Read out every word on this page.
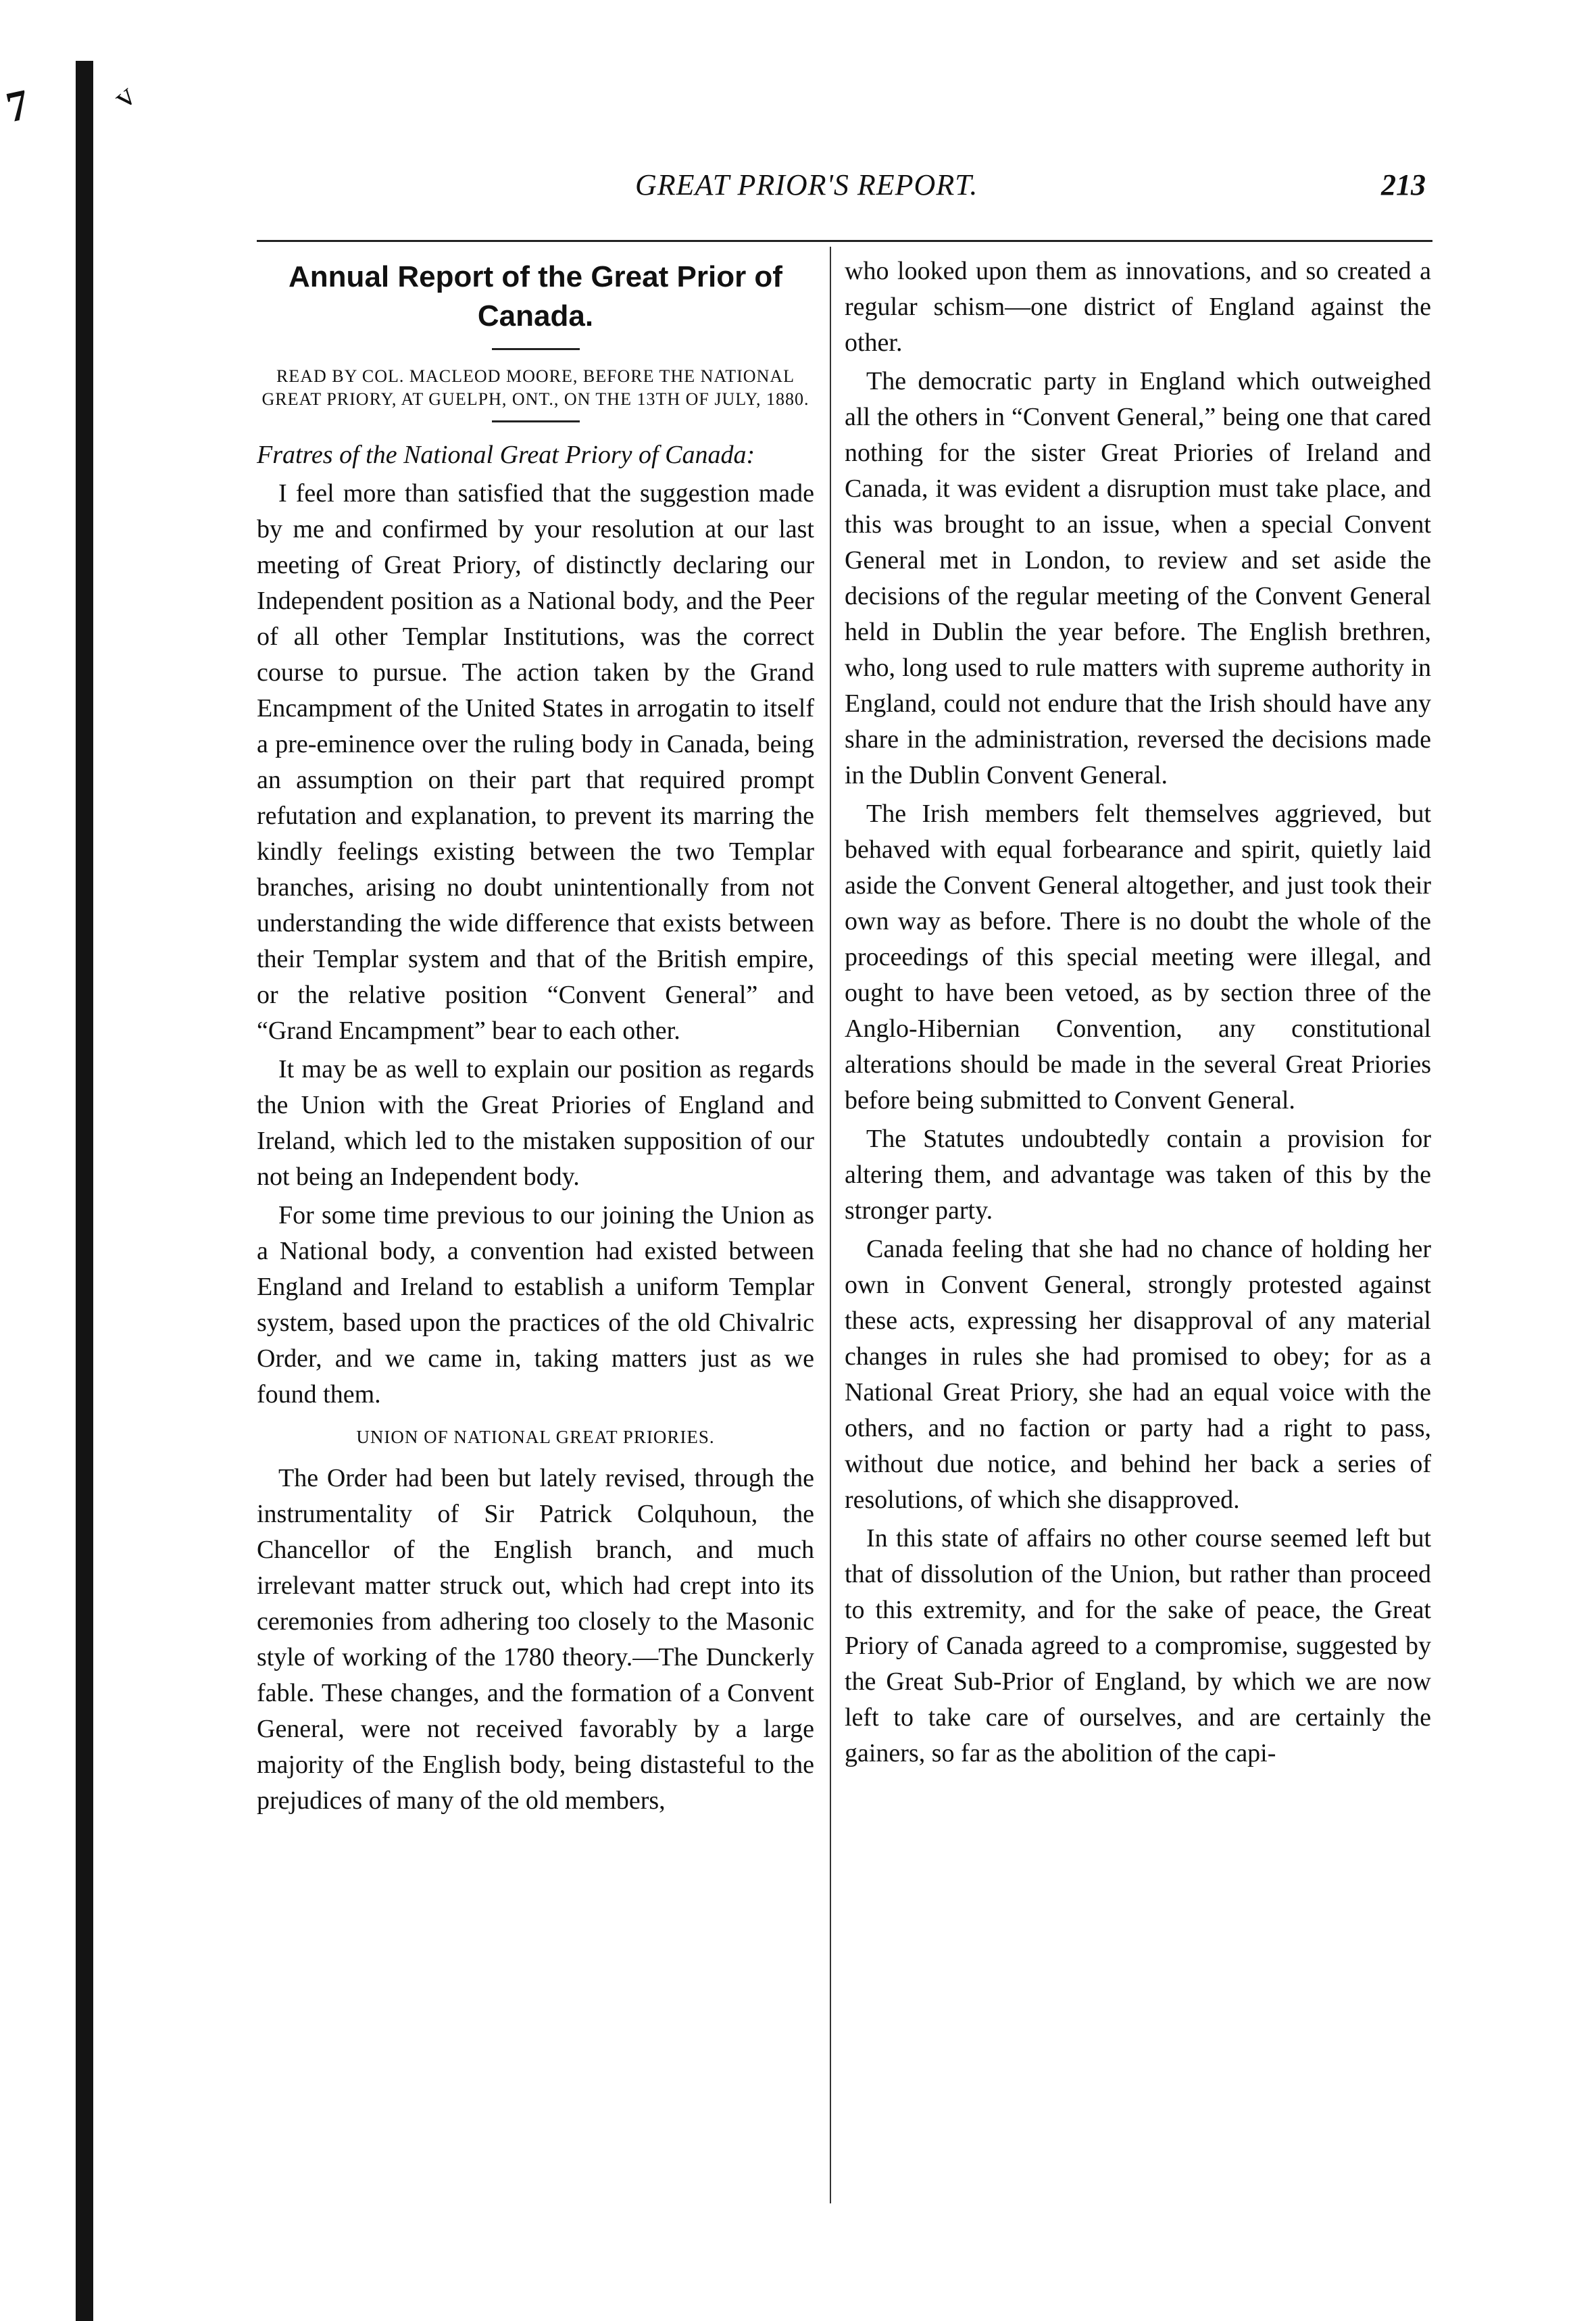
7 v
GREAT PRIOR'S REPORT.	213
Annual Report of the Great Prior of Canada.
READ BY COL. MACLEOD MOORE, BEFORE THE NATIONAL GREAT PRIORY, AT GUELPH, ONT., ON THE 13TH OF JULY, 1880.

Fratres of the National Great Priory of Canada:

I feel more than satisfied that the suggestion made by me and confirmed by your resolution at our last meeting of Great Priory, of distinctly declaring our Independent position as a National body, and the Peer of all other Templar Institutions, was the correct course to pursue. The action taken by the Grand Encampment of the United States in arrogatin to itself a pre-eminence over the ruling body in Canada, being an assumption on their part that required prompt refutation and explanation, to prevent its marring the kindly feelings existing between the two Templar branches, arising no doubt unintentionally from not understanding the wide difference that exists between their Templar system and that of the British empire, or the relative position “Convent General” and “Grand Encampment” bear to each other.

It may be as well to explain our position as regards the Union with the Great Priories of England and Ireland, which led to the mistaken supposition of our not being an Independent body.

For some time previous to our joining the Union as a National body, a convention had existed between England and Ireland to establish a uniform Templar system, based upon the practices of the old Chivalric Order, and we came in, taking matters just as we found them.

UNION OF NATIONAL GREAT PRIORIES.

The Order had been but lately revised, through the instrumentality of Sir Patrick Colquhoun, the Chancellor of the English branch, and much irrelevant matter struck out, which had crept into its ceremonies from adhering too closely to the Masonic style of working of the 1780 theory.—The Dunckerly fable. These changes, and the formation of a Convent General, were not received favorably by a large majority of the English body, being distasteful to the prejudices of many of the old members,

who looked upon them as innovations, and so created a regular schism—one district of England against the other.

The democratic party in England which outweighed all the others in “Convent General,” being one that cared nothing for the sister Great Priories of Ireland and Canada, it was evident a disruption must take place, and this was brought to an issue, when a special Convent General met in London, to review and set aside the decisions of the regular meeting of the Convent General held in Dublin the year before. The English brethren, who, long used to rule matters with supreme authority in England, could not endure that the Irish should have any share in the administration, reversed the decisions made in the Dublin Convent General.

The Irish members felt themselves aggrieved, but behaved with equal forbearance and spirit, quietly laid aside the Convent General altogether, and just took their own way as before. There is no doubt the whole of the proceedings of this special meeting were illegal, and ought to have been vetoed, as by section three of the Anglo-Hibernian Convention, any constitutional alterations should be made in the several Great Priories before being submitted to Convent General.

The Statutes undoubtedly contain a provision for altering them, and advantage was taken of this by the stronger party.

Canada feeling that she had no chance of holding her own in Convent General, strongly protested against these acts, expressing her disapproval of any material changes in rules she had promised to obey; for as a National Great Priory, she had an equal voice with the others, and no faction or party had a right to pass, without due notice, and behind her back a series of resolutions, of which she disapproved.

In this state of affairs no other course seemed left but that of dissolution of the Union, but rather than proceed to this extremity, and for the sake of peace, the Great Priory of Canada agreed to a compromise, suggested by the Great Sub-Prior of England, by which we are now left to take care of ourselves, and are certainly the gainers, so far as the abolition of the capi-
